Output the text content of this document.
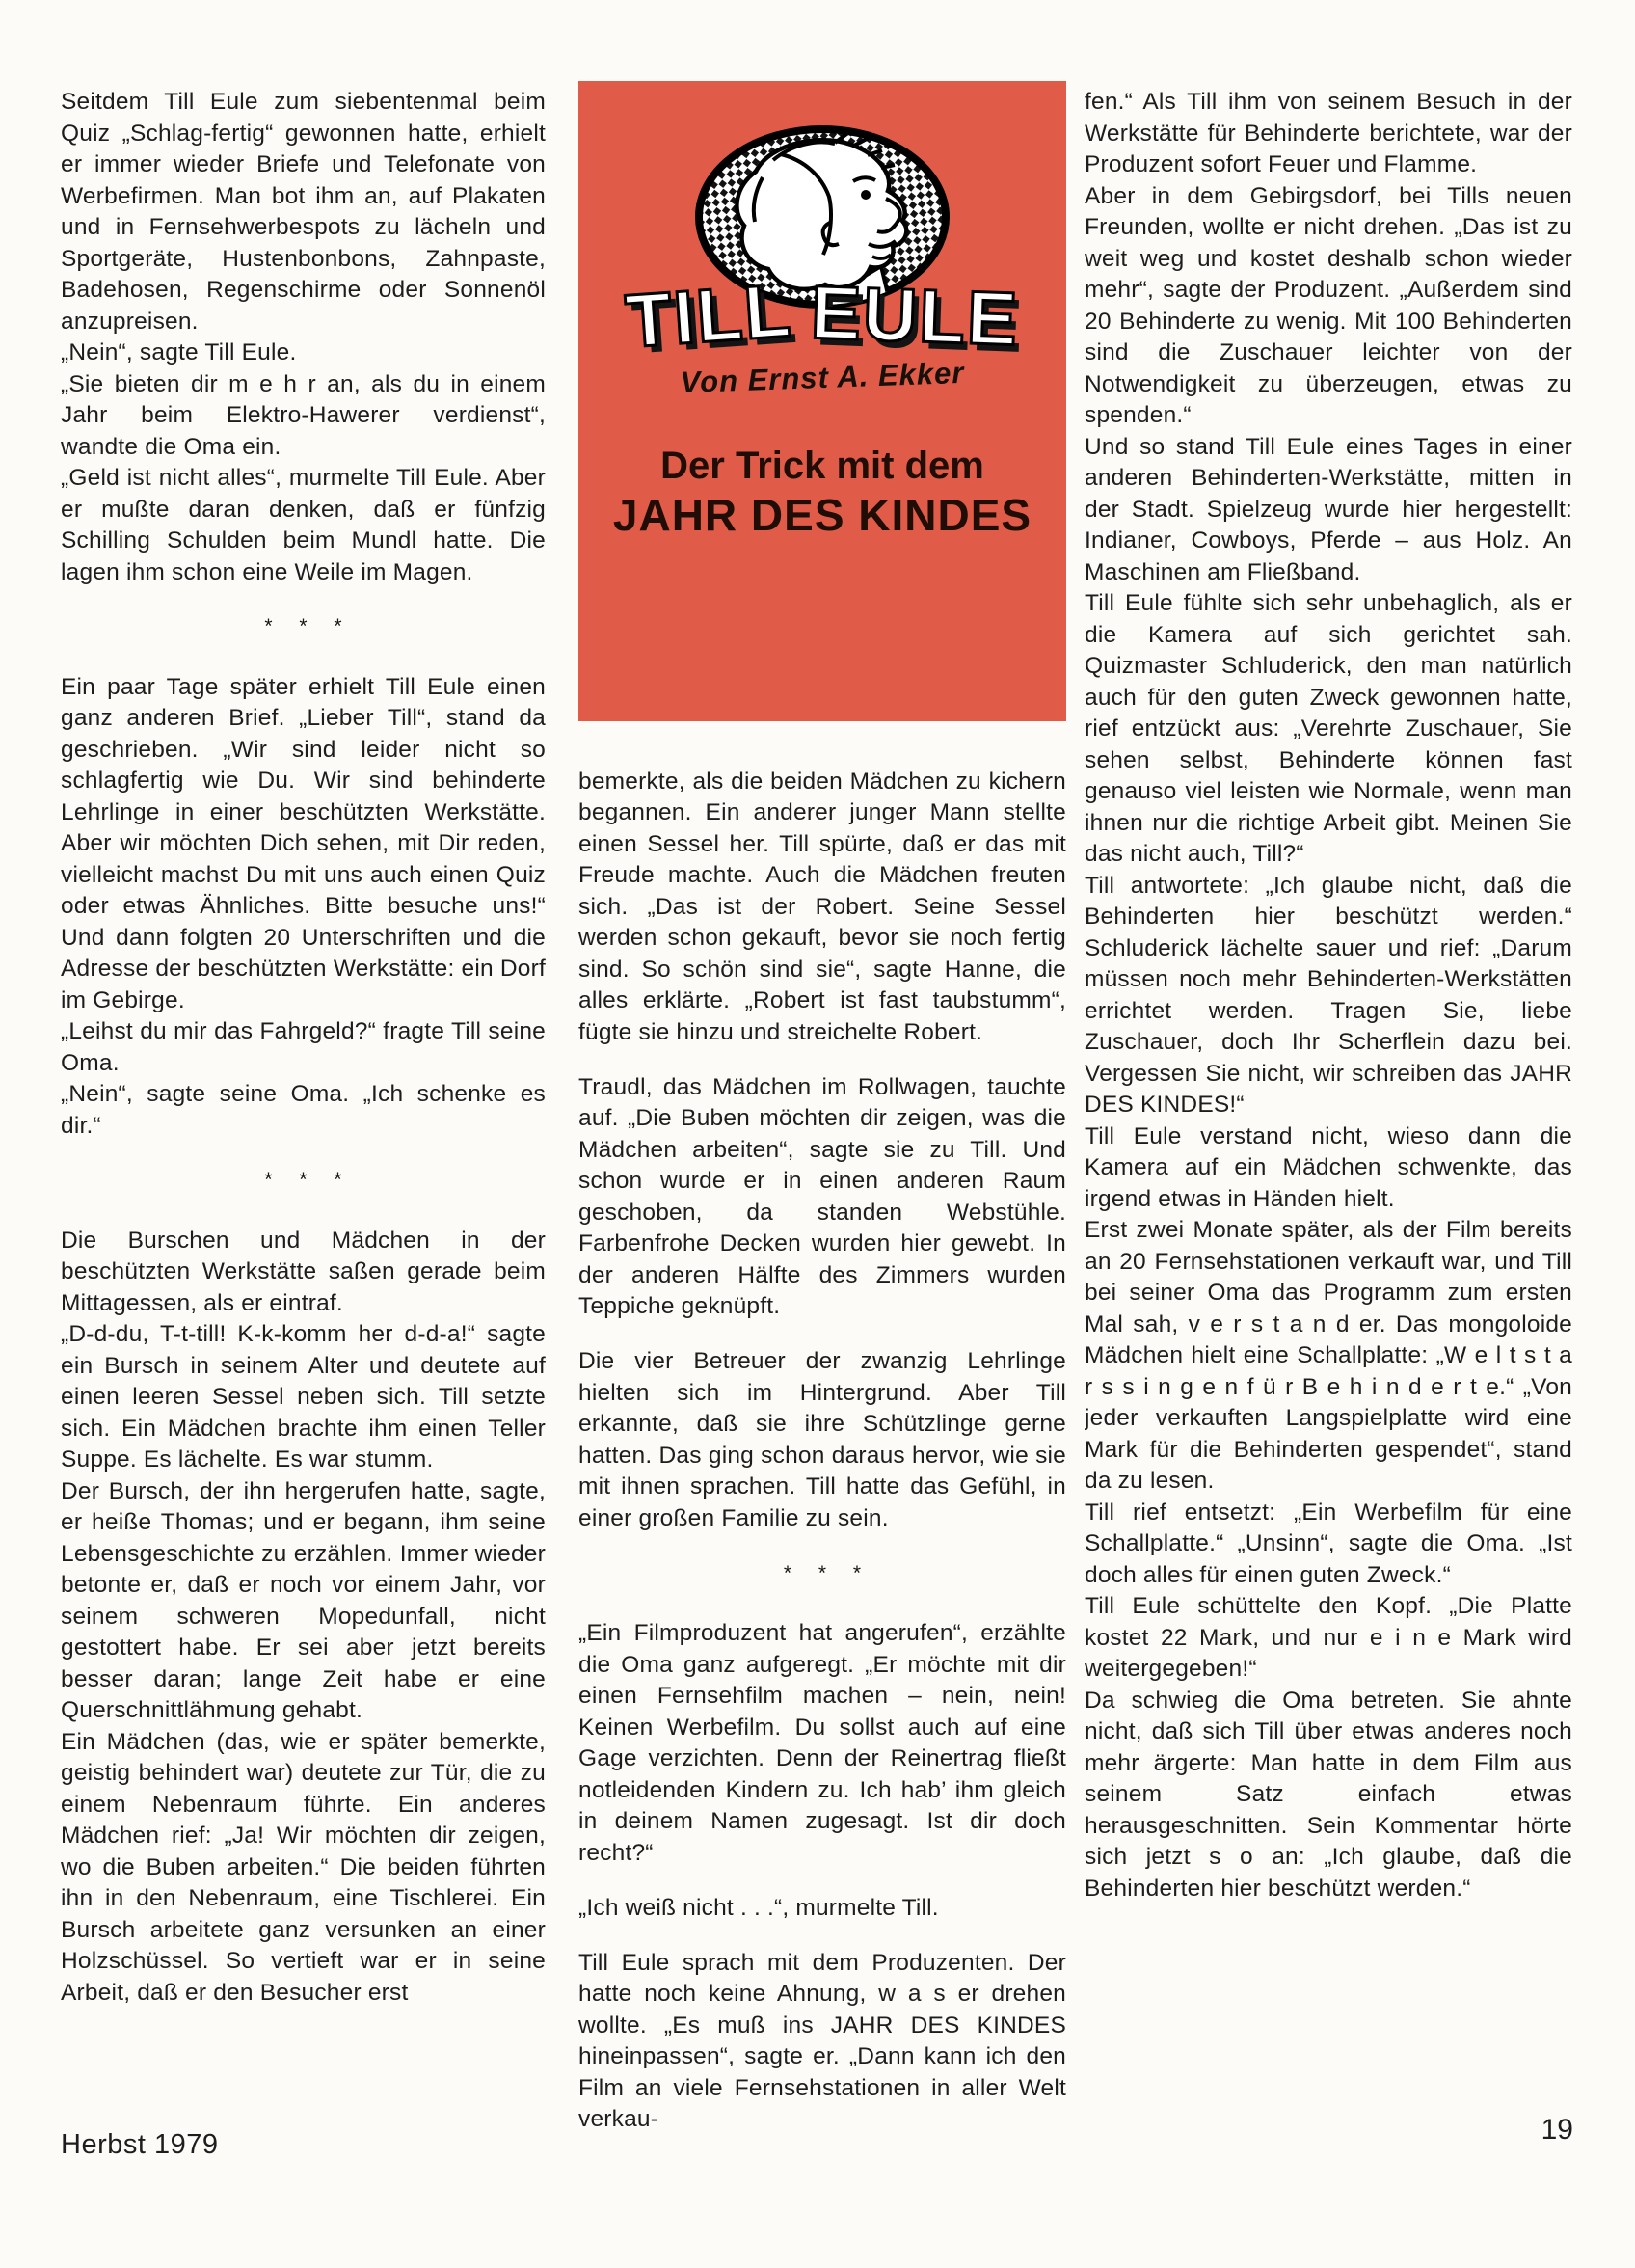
Seitdem Till Eule zum siebentenmal beim Quiz „Schlag-fertig“ gewonnen hatte, erhielt er immer wieder Briefe und Telefonate von Werbefirmen. Man bot ihm an, auf Plakaten und in Fernsehwerbespots zu lächeln und Sportgeräte, Hustenbonbons, Zahnpaste, Badehosen, Regenschirme oder Sonnenöl anzupreisen.

„Nein“, sagte Till Eule.

„Sie bieten dir m e h r an, als du in einem Jahr beim Elektro-Hawerer verdienst“, wandte die Oma ein.

„Geld ist nicht alles“, murmelte Till Eule. Aber er mußte daran denken, daß er fünfzig Schilling Schulden beim Mundl hatte. Die lagen ihm schon eine Weile im Magen.

* * *

Ein paar Tage später erhielt Till Eule einen ganz anderen Brief. „Lieber Till“, stand da geschrieben. „Wir sind leider nicht so schlagfertig wie Du. Wir sind behinderte Lehrlinge in einer beschützten Werkstätte. Aber wir möchten Dich sehen, mit Dir reden, vielleicht machst Du mit uns auch einen Quiz oder etwas Ähnliches. Bitte besuche uns!“ Und dann folgten 20 Unterschriften und die Adresse der beschützten Werkstätte: ein Dorf im Gebirge.

„Leihst du mir das Fahrgeld?“ fragte Till seine Oma.

„Nein“, sagte seine Oma. „Ich schenke es dir.“

* * *

Die Burschen und Mädchen in der beschützten Werkstätte saßen gerade beim Mittagessen, als er eintraf.

„D-d-du, T-t-till! K-k-komm her d-d-a!“ sagte ein Bursch in seinem Alter und deutete auf einen leeren Sessel neben sich. Till setzte sich. Ein Mädchen brachte ihm einen Teller Suppe. Es lächelte. Es war stumm.

Der Bursch, der ihn hergerufen hatte, sagte, er heiße Thomas; und er begann, ihm seine Lebensgeschichte zu erzählen. Immer wieder betonte er, daß er noch vor einem Jahr, vor seinem schweren Mopedunfall, nicht gestottert habe. Er sei aber jetzt bereits besser daran; lange Zeit habe er eine Querschnittlähmung gehabt.

Ein Mädchen (das, wie er später bemerkte, geistig behindert war) deutete zur Tür, die zu einem Nebenraum führte. Ein anderes Mädchen rief: „Ja! Wir möchten dir zeigen, wo die Buben arbeiten.“ Die beiden führten ihn in den Nebenraum, eine Tischlerei. Ein Bursch arbeitete ganz versunken an einer Holzschüssel. So vertieft war er in seine Arbeit, daß er den Besucher erst

TILL EULE
Von Ernst A. Ekker
Der Trick mit dem
JAHR DES KINDES

bemerkte, als die beiden Mädchen zu kichern begannen. Ein anderer junger Mann stellte einen Sessel her. Till spürte, daß er das mit Freude machte. Auch die Mädchen freuten sich. „Das ist der Robert. Seine Sessel werden schon gekauft, bevor sie noch fertig sind. So schön sind sie“, sagte Hanne, die alles erklärte. „Robert ist fast taubstumm“, fügte sie hinzu und streichelte Robert.

Traudl, das Mädchen im Rollwagen, tauchte auf. „Die Buben möchten dir zeigen, was die Mädchen arbeiten“, sagte sie zu Till. Und schon wurde er in einen anderen Raum geschoben, da standen Webstühle. Farbenfrohe Decken wurden hier gewebt. In der anderen Hälfte des Zimmers wurden Teppiche geknüpft.

Die vier Betreuer der zwanzig Lehrlinge hielten sich im Hintergrund. Aber Till erkannte, daß sie ihre Schützlinge gerne hatten. Das ging schon daraus hervor, wie sie mit ihnen sprachen. Till hatte das Gefühl, in einer großen Familie zu sein.

* * *

„Ein Filmproduzent hat angerufen“, erzählte die Oma ganz aufgeregt. „Er möchte mit dir einen Fernsehfilm machen – nein, nein! Keinen Werbefilm. Du sollst auch auf eine Gage verzichten. Denn der Reinertrag fließt notleidenden Kindern zu. Ich hab’ ihm gleich in deinem Namen zugesagt. Ist dir doch recht?“

„Ich weiß nicht . . .“, murmelte Till.

Till Eule sprach mit dem Produzenten. Der hatte noch keine Ahnung, w a s er drehen wollte. „Es muß ins JAHR DES KINDES hineinpassen“, sagte er. „Dann kann ich den Film an viele Fernsehstationen in aller Welt verkau-

fen.“ Als Till ihm von seinem Besuch in der Werkstätte für Behinderte berichtete, war der Produzent sofort Feuer und Flamme.

Aber in dem Gebirgsdorf, bei Tills neuen Freunden, wollte er nicht drehen. „Das ist zu weit weg und kostet deshalb schon wieder mehr“, sagte der Produzent. „Außerdem sind 20 Behinderte zu wenig. Mit 100 Behinderten sind die Zuschauer leichter von der Notwendigkeit zu überzeugen, etwas zu spenden.“

Und so stand Till Eule eines Tages in einer anderen Behinderten-Werkstätte, mitten in der Stadt. Spielzeug wurde hier hergestellt: Indianer, Cowboys, Pferde – aus Holz. An Maschinen am Fließband.

Till Eule fühlte sich sehr unbehaglich, als er die Kamera auf sich gerichtet sah. Quizmaster Schluderick, den man natürlich auch für den guten Zweck gewonnen hatte, rief entzückt aus: „Verehrte Zuschauer, Sie sehen selbst, Behinderte können fast genauso viel leisten wie Normale, wenn man ihnen nur die richtige Arbeit gibt. Meinen Sie das nicht auch, Till?“

Till antwortete: „Ich glaube nicht, daß die Behinderten hier beschützt werden.“ Schluderick lächelte sauer und rief: „Darum müssen noch mehr Behinderten-Werkstätten errichtet werden. Tragen Sie, liebe Zuschauer, doch Ihr Scherflein dazu bei. Vergessen Sie nicht, wir schreiben das JAHR DES KINDES!“

Till Eule verstand nicht, wieso dann die Kamera auf ein Mädchen schwenkte, das irgend etwas in Händen hielt.

Erst zwei Monate später, als der Film bereits an 20 Fernsehstationen verkauft war, und Till bei seiner Oma das Programm zum ersten Mal sah, v e r s t a n d er. Das mongoloide Mädchen hielt eine Schallplatte: „W e l t s t a r s s i n g e n f ü r B e h i n d e r t e.“ „Von jeder verkauften Langspielplatte wird eine Mark für die Behinderten gespendet“, stand da zu lesen.

Till rief entsetzt: „Ein Werbefilm für eine Schallplatte.“ „Unsinn“, sagte die Oma. „Ist doch alles für einen guten Zweck.“

Till Eule schüttelte den Kopf. „Die Platte kostet 22 Mark, und nur e i n e Mark wird weitergegeben!“

Da schwieg die Oma betreten. Sie ahnte nicht, daß sich Till über etwas anderes noch mehr ärgerte: Man hatte in dem Film aus seinem Satz einfach etwas herausgeschnitten. Sein Kommentar hörte sich jetzt s o an: „Ich glaube, daß die Behinderten hier beschützt werden.“

Herbst 1979	19
